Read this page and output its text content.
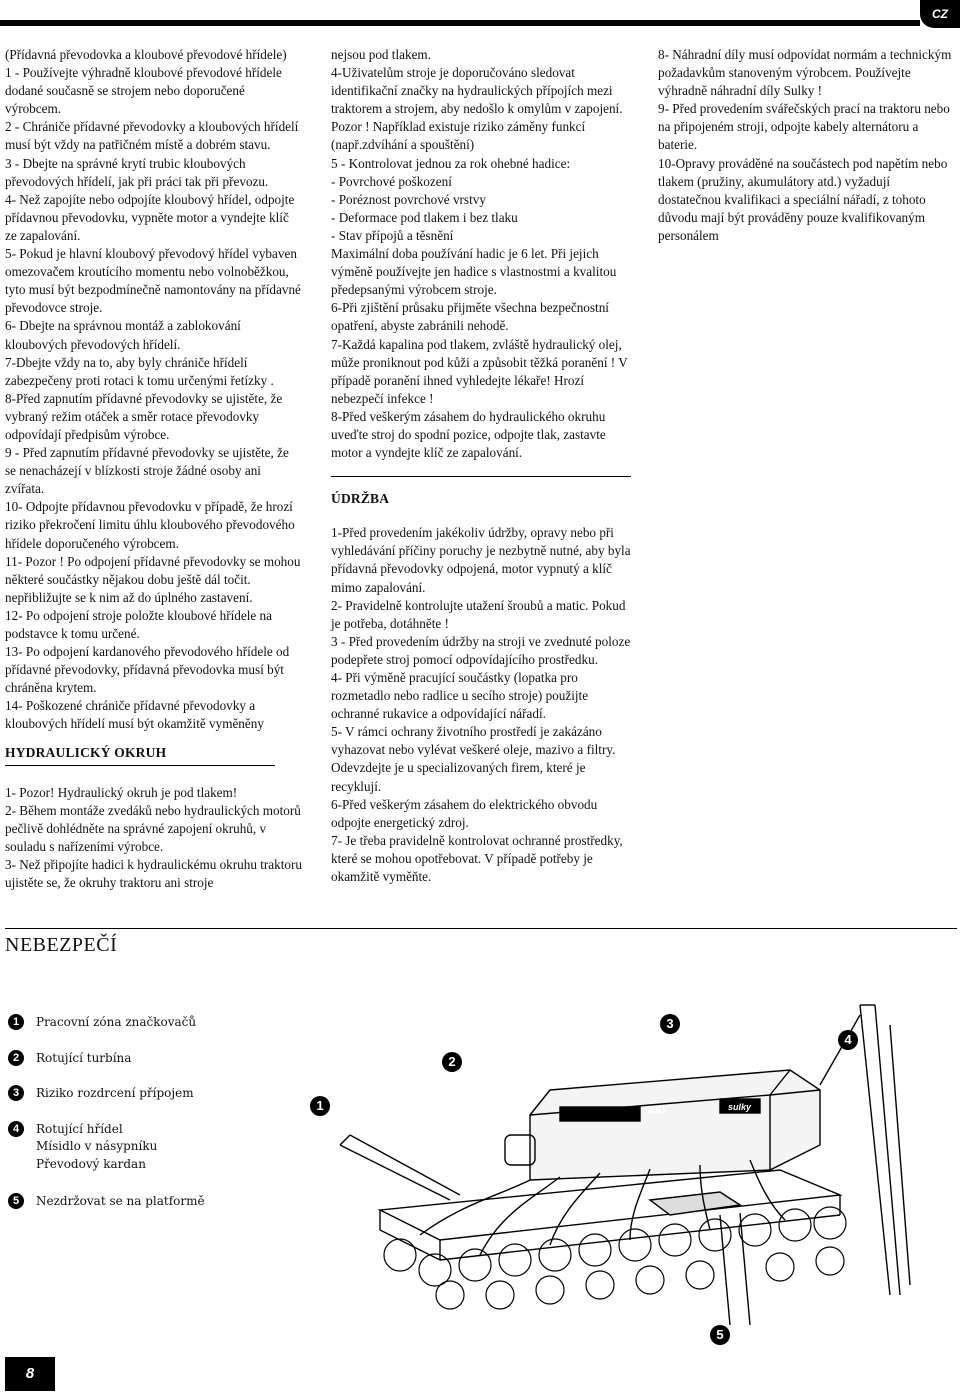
CZ

(Přídavná převodovka a kloubové převodové hřídele)

1 - Používejte výhradně kloubové převodové hřídele dodané současně se strojem nebo doporučené výrobcem.

2 - Chrániče přídavné převodovky a kloubových hřídelí musí být vždy na patřičném místě a dobrém stavu.

3 - Dbejte na správné krytí trubic kloubových převodových hřídelí, jak při práci tak při převozu.

4- Než zapojíte nebo odpojíte kloubový hřídel, odpojte přídavnou převodovku, vypněte motor a vyndejte klíč ze zapalování.

5- Pokud je hlavní kloubový převodový hřídel vybaven omezovačem kroutícího momentu nebo volnoběžkou, tyto musí být bezpodmínečně namontovány na přídavné převodovce stroje.

6- Dbejte na správnou montáž a zablokování kloubových převodových hřídelí.

7-Dbejte vždy na to, aby byly chrániče hřídelí zabezpečeny proti rotaci k tomu určenými řetízky .

8-Před zapnutím přídavné převodovky se ujistěte, že vybraný režim otáček a směr rotace převodovky odpovídají předpisům výrobce.

9 - Před zapnutím přídavné převodovky se ujistěte, že se nenacházejí v blízkosti stroje žádné osoby ani zvířata.

10- Odpojte přídavnou převodovku v případě, že hrozí riziko překročení limitu úhlu kloubového převodového hřídele doporučeného výrobcem.

11- Pozor ! Po odpojení přídavné převodovky se mohou některé součástky nějakou dobu ještě dál točit. nepřibližujte se k nim až do úplného zastavení.

12- Po odpojení stroje položte kloubové hřídele na podstavce k tomu určené.

13- Po odpojení kardanového převodového hřídele od přídavné převodovky, přídavná převodovka musí být chráněna krytem.

14- Poškozené chrániče přídavné převodovky a kloubových hřídelí musí být okamžitě vyměněny

HYDRAULICKÝ OKRUH

1- Pozor! Hydraulický okruh je pod tlakem!

2- Během montáže zvedáků nebo hydraulických motorů pečlivě dohlédněte na správné zapojení okruhů, v souladu s nařízeními výrobce.

3- Než připojíte hadici k hydraulickému okruhu traktoru ujistěte se, že okruhy traktoru ani stroje

nejsou pod tlakem.

4-Uživatelům stroje je doporučováno sledovat identifikační značky na hydraulických přípojích mezi traktorem a strojem, aby nedošlo k omylům v zapojení.

Pozor ! Například existuje riziko záměny funkcí (např.zdvíhání a spouštění)

5 - Kontrolovat jednou za rok ohebné hadice:

- Povrchové poškození

- Poréznost povrchové vrstvy

- Deformace pod tlakem i bez tlaku

- Stav přípojů a těsnění

Maximální doba používání hadic je 6 let. Při jejich výměně používejte jen hadice s vlastnostmi a kvalitou předepsanými výrobcem stroje.

6-Při zjištění průsaku přijměte všechna bezpečnostní opatření, abyste zabránili nehodě.

7-Každá kapalina pod tlakem, zvláště hydraulický olej, může proniknout pod kůži a způsobit těžká poranění ! V případě poranění ihned vyhledejte lékaře! Hrozí nebezpečí infekce !

8-Před veškerým zásahem do hydraulického okruhu uveďte stroj do spodní pozice, odpojte tlak, zastavte motor a vyndejte klíč ze zapalování.

ÚDRŽBA

1-Před provedením jakékoliv údržby, opravy nebo při vyhledávání příčiny poruchy je nezbytně nutné, aby byla přídavná převodovky odpojená, motor vypnutý a klíč mimo zapalování.

2- Pravidelně kontrolujte utažení šroubů a matic. Pokud je potřeba, dotáhněte !

3 - Před provedením údržby na stroji ve zvednuté poloze podepřete stroj pomocí odpovídajícího prostředku.

4- Při výměně pracující součástky (lopatka pro rozmetadlo nebo radlice u secího stroje) použijte ochranné rukavice a odpovídající nářadí.

5- V rámci ochrany životního prostředí je zakázáno vyhazovat nebo vylévat veškeré oleje, mazivo a filtry. Odevzdejte je u specializovaných firem, které je recyklují.

6-Před veškerým zásahem do elektrického obvodu odpojte energetický zdroj.

7- Je třeba pravidelně kontrolovat ochranné prostředky, které se mohou opotřebovat. V případě potřeby je okamžitě vyměňte.

8- Náhradní díly musí odpovídat normám a technickým požadavkům stanoveným výrobcem. Používejte výhradně náhradní díly Sulky !

9- Před provedením svářečských prací na traktoru nebo na připojeném stroji, odpojte kabely alternátoru a baterie.

10-Opravy prováděné na součástech pod napětím nebo tlakem (pružiny, akumulátory atd.) vyžadují dostatečnou kvalifikaci a speciální nářadí, z tohoto důvodu mají být prováděny pouze kvalifikovaným personálem

NEBEZPEČÍ
1	Pracovní zóna značkovačů
2	Rotující turbína
3	Riziko rozdrcení přípojem
4	Rotující hřídel
Mísidlo v násypníku
Převodový kardan
5	Nezdržovat se na platformě
DUO	sulky
1
2
3
4
5
8
